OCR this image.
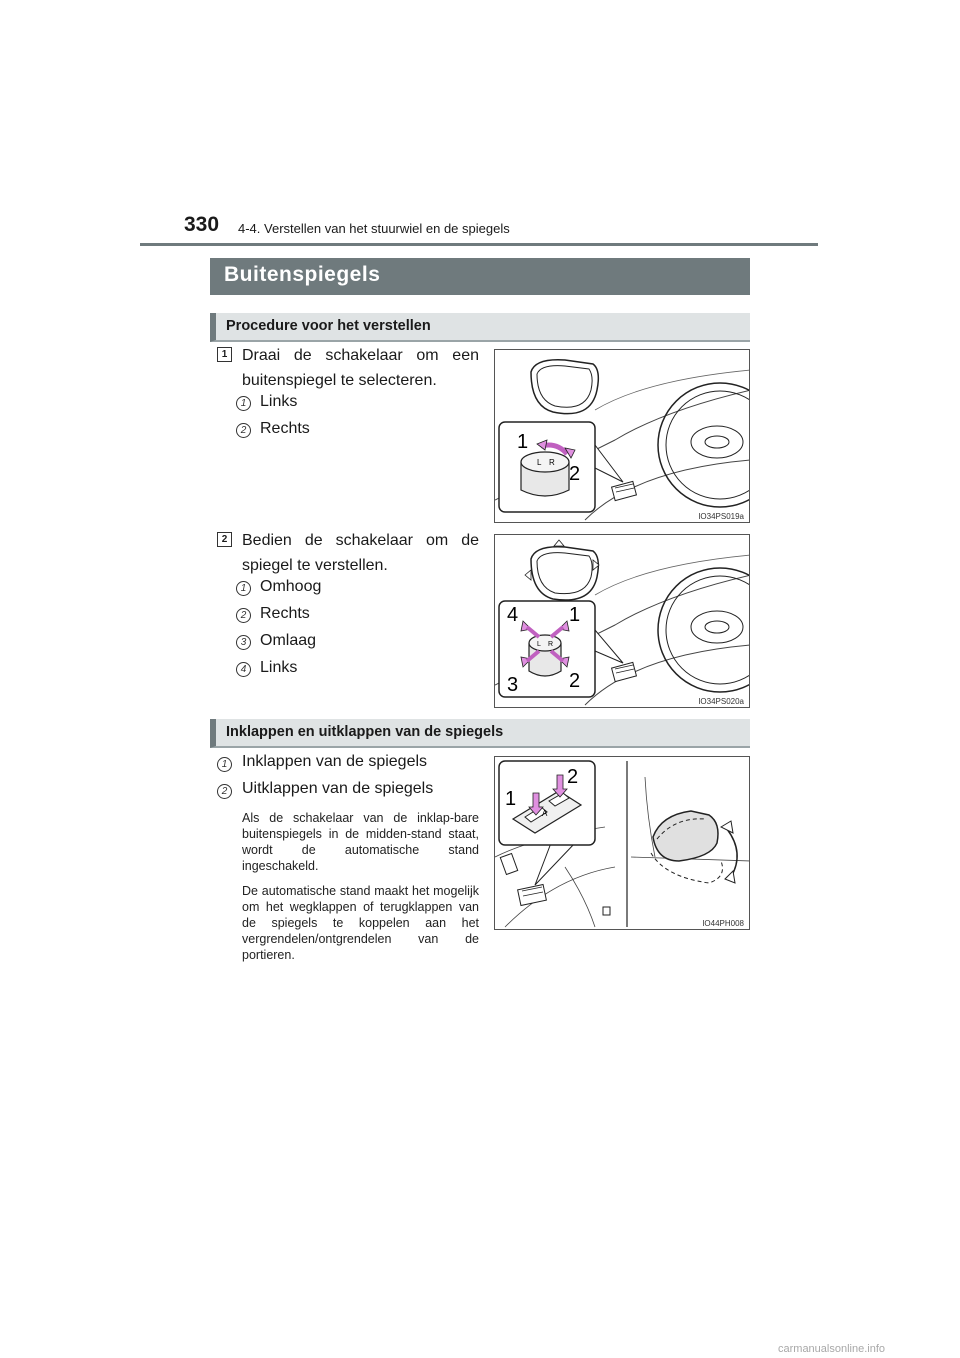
330 4-4. Verstellen van het stuurwiel en de spiegels
Buitenspiegels
Procedure voor het verstellen
1 Draai de schakelaar om een buitenspiegel te selecteren.
1 Links
2 Rechts
L R
1
2
IO34PS019a
2 Bedien de schakelaar om de spiegel te verstellen.
1 Omhoog
2 Rechts
3 Omlaag
4 Links
L R
4	1
3	2
IO34PS020a
Inklappen en uitklappen van de spiegels
1 Inklappen van de spiegels
2 Uitklappen van de spiegels
Als de schakelaar van de inklap-bare buitenspiegels in de midden-stand staat, wordt de automatische stand ingeschakeld.
De automatische stand maakt het mogelijk om het wegklappen of terugklappen van de spiegels te koppelen aan het vergrendelen/ontgrendelen van de portieren.
A
1
2
IO44PH008
carmanualsonline.info
